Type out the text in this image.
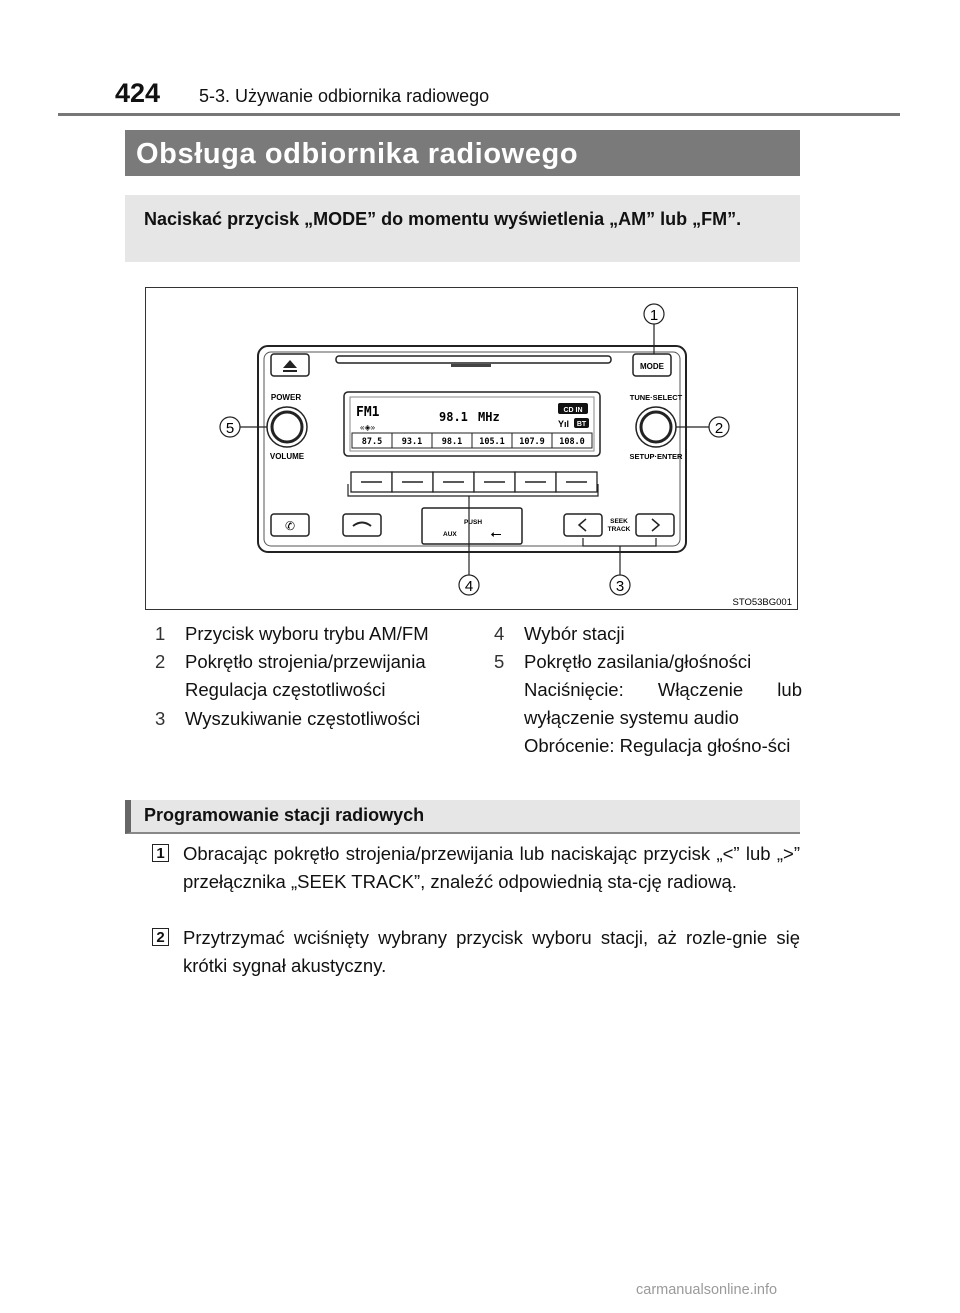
424 5-3. Używanie odbiornika radiowego
Obsługa odbiornika radiowego
Naciskać przycisk „MODE” do momentu wyświetlenia „AM” lub „FM”.
MODE
POWER
VOLUME
TUNE·SELECT
SETUP·ENTER
FM1
«◈»
98.1 MHz	CD IN
Yıl BT
87.5 93.1 98.1 105.1 107.9 108.0
✆	PUSH
AUX ⭠
SEEK
TRACK
1
2
3
4
5
STO53BG001
1 Przycisk wyboru trybu AM/FM
2 Pokrętło strojenia/przewijania
Regulacja częstotliwości
3 Wyszukiwanie częstotliwości
4 Wybór stacji
5 Pokrętło zasilania/głośności
Naciśnięcie: Włączenie lub wyłączenie systemu audio
Obrócenie: Regulacja głośno-ści
Programowanie stacji radiowych
1 Obracając pokrętło strojenia/przewijania lub naciskając przycisk „<” lub „>” przełącznika „SEEK TRACK”, znaleźć odpowiednią sta-cję radiową.
2 Przytrzymać wciśnięty wybrany przycisk wyboru stacji, aż rozle-gnie się krótki sygnał akustyczny.
carmanualsonline.info
